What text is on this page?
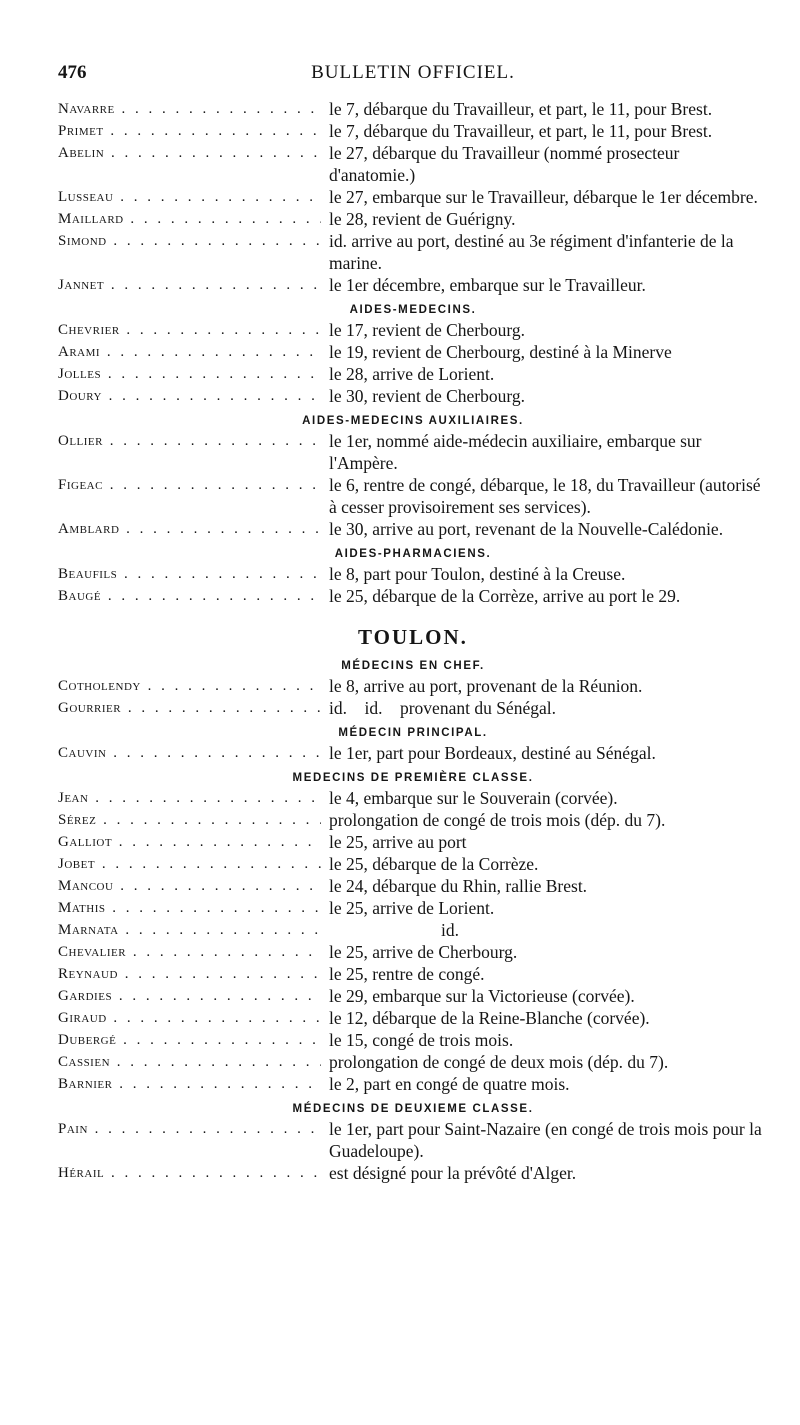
476	BULLETIN OFFICIEL.
Navarre . . .	le 7, débarque du Travailleur, et part, le 11, pour Brest.
Primet . . .	le 7, débarque du Travailleur, et part, le 11, pour Brest.
Abelin . . .	le 27, débarque du Travailleur (nommé prosecteur d'anatomie.)
Lusseau . . .	le 27, embarque sur le Travailleur, débarque le 1er décembre.
Maillard . . .	le 28, revient de Guérigny.
Simond . . .	id. arrive au port, destiné au 3e régiment d'infanterie de la marine.
Jannet . . .	le 1er décembre, embarque sur le Travailleur.
AIDES-MEDECINS.
Chevrier . . .	le 17, revient de Cherbourg.
Arami . . .	le 19, revient de Cherbourg, destiné à la Minerve
Jolles . . .	le 28, arrive de Lorient.
Doury . . .	le 30, revient de Cherbourg.
AIDES-MEDECINS AUXILIAIRES.
Ollier . . .	le 1er, nommé aide-médecin auxiliaire, embarque sur l'Ampère.
Figeac . . .	le 6, rentre de congé, débarque, le 18, du Travailleur (autorisé à cesser provisoirement ses services).
Amblard . . .	le 30, arrive au port, revenant de la Nouvelle-Calédonie.
AIDES-PHARMACIENS.
Beaufils . . .	le 8, part pour Toulon, destiné à la Creuse.
Baugé . . .	le 25, débarque de la Corrèze, arrive au port le 29.
TOULON.
MÉDECINS EN CHEF.
Cotholendy . . .	le 8, arrive au port, provenant de la Réunion.
Gourrier . . .	id.    id.    provenant du Sénégal.
MÉDECIN PRINCIPAL.
Cauvin . . .	le 1er, part pour Bordeaux, destiné au Sénégal.
MEDECINS DE PREMIÈRE CLASSE.
Jean . . .	le 4, embarque sur le Souverain (corvée).
Sérez . . .	prolongation de congé de trois mois (dép. du 7).
Galliot . . .	le 25, arrive au port
Jobet . . .	le 25, débarque de la Corrèze.
Mancou . . .	le 24, débarque du Rhin, rallie Brest.
Mathis . . .	le 25, arrive de Lorient.
Marnata . . .	id.
Chevalier . . .	le 25, arrive de Cherbourg.
Reynaud . . .	le 25, rentre de congé.
Gardies . . .	le 29, embarque sur la Victorieuse (corvée).
Giraud . . .	le 12, débarque de la Reine-Blanche (corvée).
Dubergé . . .	le 15, congé de trois mois.
Cassien . . .	prolongation de congé de deux mois (dép. du 7).
Barnier . . .	le 2, part en congé de quatre mois.
MÉDECINS DE DEUXIEME CLASSE.
Pain . . .	le 1er, part pour Saint-Nazaire (en congé de trois mois pour la Guadeloupe).
Hérail . . .	est désigné pour la prévôté d'Alger.
